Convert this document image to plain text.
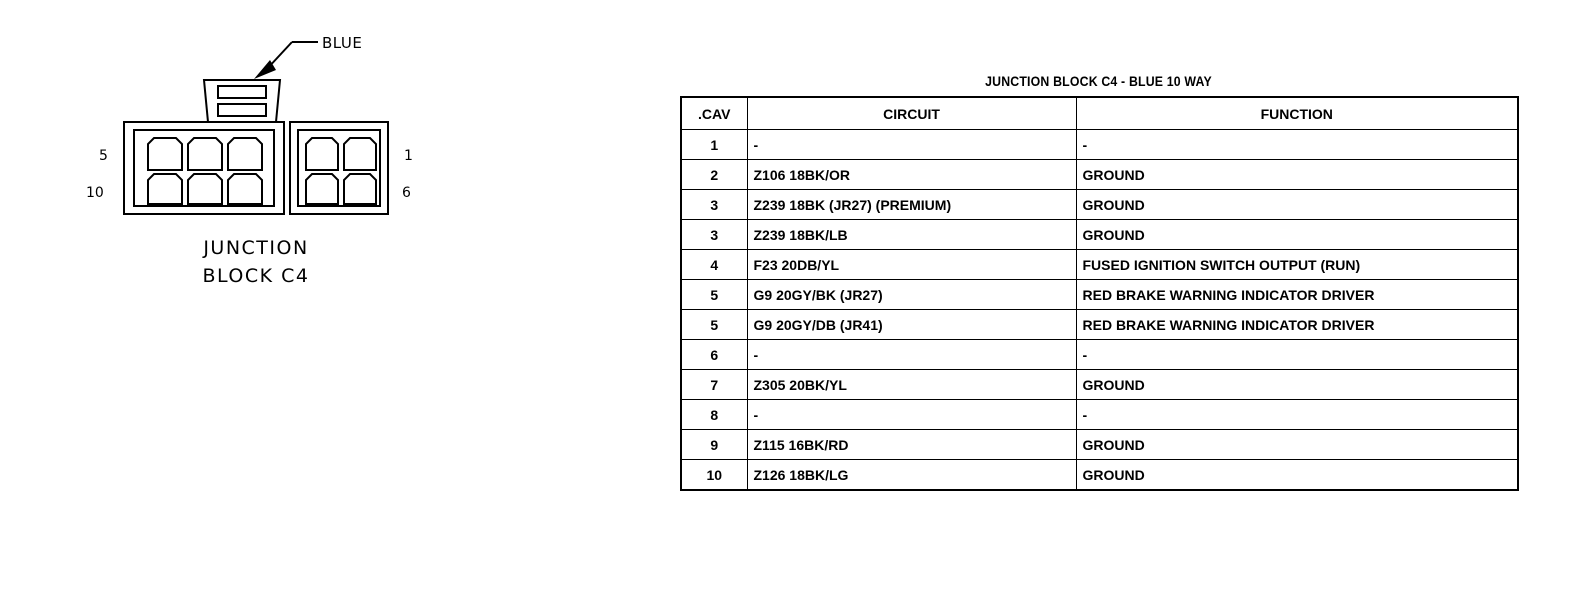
BLUE
5
10
1
6
JUNCTION
BLOCK C4
JUNCTION BLOCK C4 - BLUE 10 WAY
.CAV	CIRCUIT	FUNCTION
1	-	-
2	Z106 18BK/OR	GROUND
3	Z239 18BK (JR27) (PREMIUM)	GROUND
3	Z239 18BK/LB	GROUND
4	F23 20DB/YL	FUSED IGNITION SWITCH OUTPUT (RUN)
5	G9 20GY/BK (JR27)	RED BRAKE WARNING INDICATOR DRIVER
5	G9 20GY/DB (JR41)	RED BRAKE WARNING INDICATOR DRIVER
6	-	-
7	Z305 20BK/YL	GROUND
8	-	-
9	Z115 16BK/RD	GROUND
10	Z126 18BK/LG	GROUND
